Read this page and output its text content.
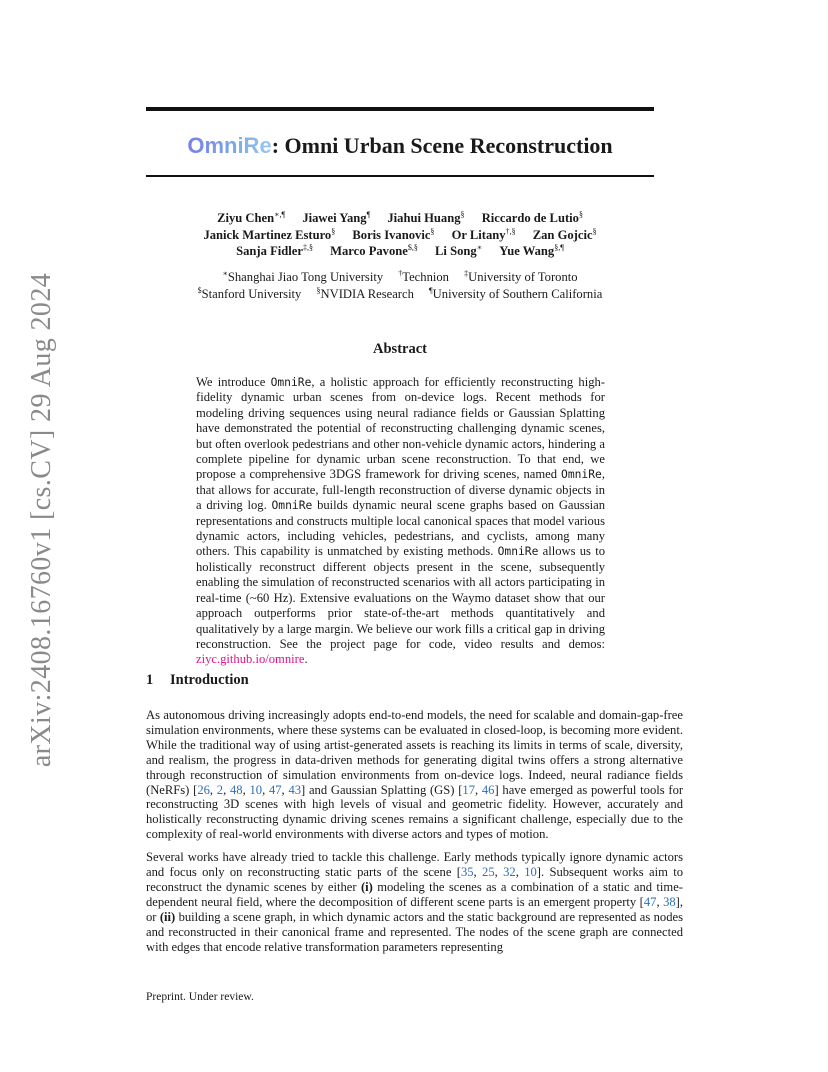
arXiv:2408.16760v1 [cs.CV] 29 Aug 2024
OmniRe: Omni Urban Scene Reconstruction
Ziyu Chen∗,¶ Jiawei Yang¶ Jiahui Huang§ Riccardo de Lutio§
Janick Martinez Esturo§ Boris Ivanovic§ Or Litany†,§ Zan Gojcic§
Sanja Fidler‡,§ Marco Pavone$,§ Li Song∗ Yue Wang§,¶
∗Shanghai Jiao Tong University †Technion ‡University of Toronto
$Stanford University §NVIDIA Research ¶University of Southern California
Abstract
We introduce OmniRe, a holistic approach for efficiently reconstructing high-fidelity dynamic urban scenes from on-device logs. Recent methods for modeling driving sequences using neural radiance fields or Gaussian Splatting have demonstrated the potential of reconstructing challenging dynamic scenes, but often overlook pedestrians and other non-vehicle dynamic actors, hindering a complete pipeline for dynamic urban scene reconstruction. To that end, we propose a comprehensive 3DGS framework for driving scenes, named OmniRe, that allows for accurate, full-length reconstruction of diverse dynamic objects in a driving log. OmniRe builds dynamic neural scene graphs based on Gaussian representations and constructs multiple local canonical spaces that model various dynamic actors, including vehicles, pedestrians, and cyclists, among many others. This capability is unmatched by existing methods. OmniRe allows us to holistically reconstruct different objects present in the scene, subsequently enabling the simulation of reconstructed scenarios with all actors participating in real-time (~60 Hz). Extensive evaluations on the Waymo dataset show that our approach outperforms prior state-of-the-art methods quantitatively and qualitatively by a large margin. We believe our work fills a critical gap in driving reconstruction. See the project page for code, video results and demos: ziyc.github.io/omnire.
1 Introduction

As autonomous driving increasingly adopts end-to-end models, the need for scalable and domain-gap-free simulation environments, where these systems can be evaluated in closed-loop, is becoming more evident. While the traditional way of using artist-generated assets is reaching its limits in terms of scale, diversity, and realism, the progress in data-driven methods for generating digital twins offers a strong alternative through reconstruction of simulation environments from on-device logs. Indeed, neural radiance fields (NeRFs) [26, 2, 48, 10, 47, 43] and Gaussian Splatting (GS) [17, 46] have emerged as powerful tools for reconstructing 3D scenes with high levels of visual and geometric fidelity. However, accurately and holistically reconstructing dynamic driving scenes remains a significant challenge, especially due to the complexity of real-world environments with diverse actors and types of motion.

Several works have already tried to tackle this challenge. Early methods typically ignore dynamic actors and focus only on reconstructing static parts of the scene [35, 25, 32, 10]. Subsequent works aim to reconstruct the dynamic scenes by either (i) modeling the scenes as a combination of a static and time-dependent neural field, where the decomposition of different scene parts is an emergent property [47, 38], or (ii) building a scene graph, in which dynamic actors and the static background are represented as nodes and reconstructed in their canonical frame and represented. The nodes of the scene graph are connected with edges that encode relative transformation parameters representing

Preprint. Under review.
